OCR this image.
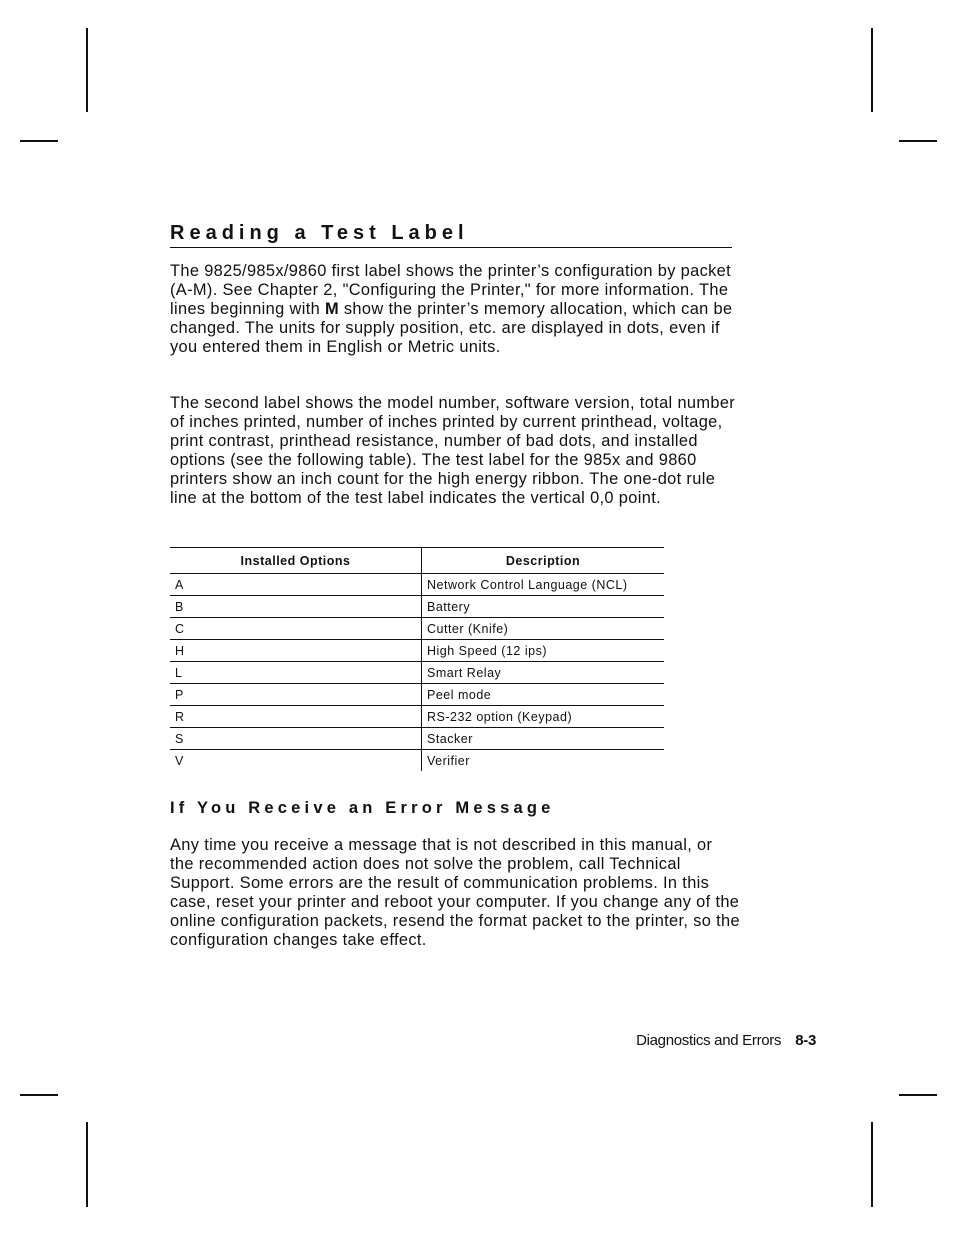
Reading a Test Label

The 9825/985x/9860 first label shows the printer’s configuration by packet (A-M). See Chapter 2, "Configuring the Printer," for more information. The lines beginning with M show the printer’s memory allocation, which can be changed. The units for supply position, etc. are displayed in dots, even if you entered them in English or Metric units.

The second label shows the model number, software version, total number of inches printed, number of inches printed by current printhead, voltage, print contrast, printhead resistance, number of bad dots, and installed options (see the following table). The test label for the 985x and 9860 printers show an inch count for the high energy ribbon. The one-dot rule line at the bottom of the test label indicates the vertical 0,0 point.

Installed Options	Description
A	Network Control Language (NCL)
B	Battery
C	Cutter (Knife)
H	High Speed (12 ips)
L	Smart Relay
P	Peel mode
R	RS-232 option (Keypad)
S	Stacker
V	Verifier
If You Receive an Error Message

Any time you receive a message that is not described in this manual, or the recommended action does not solve the problem, call Technical Support. Some errors are the result of communication problems. In this case, reset your printer and reboot your computer. If you change any of the online configuration packets, resend the format packet to the printer, so the configuration changes take effect.

Diagnostics and Errors 8-3
